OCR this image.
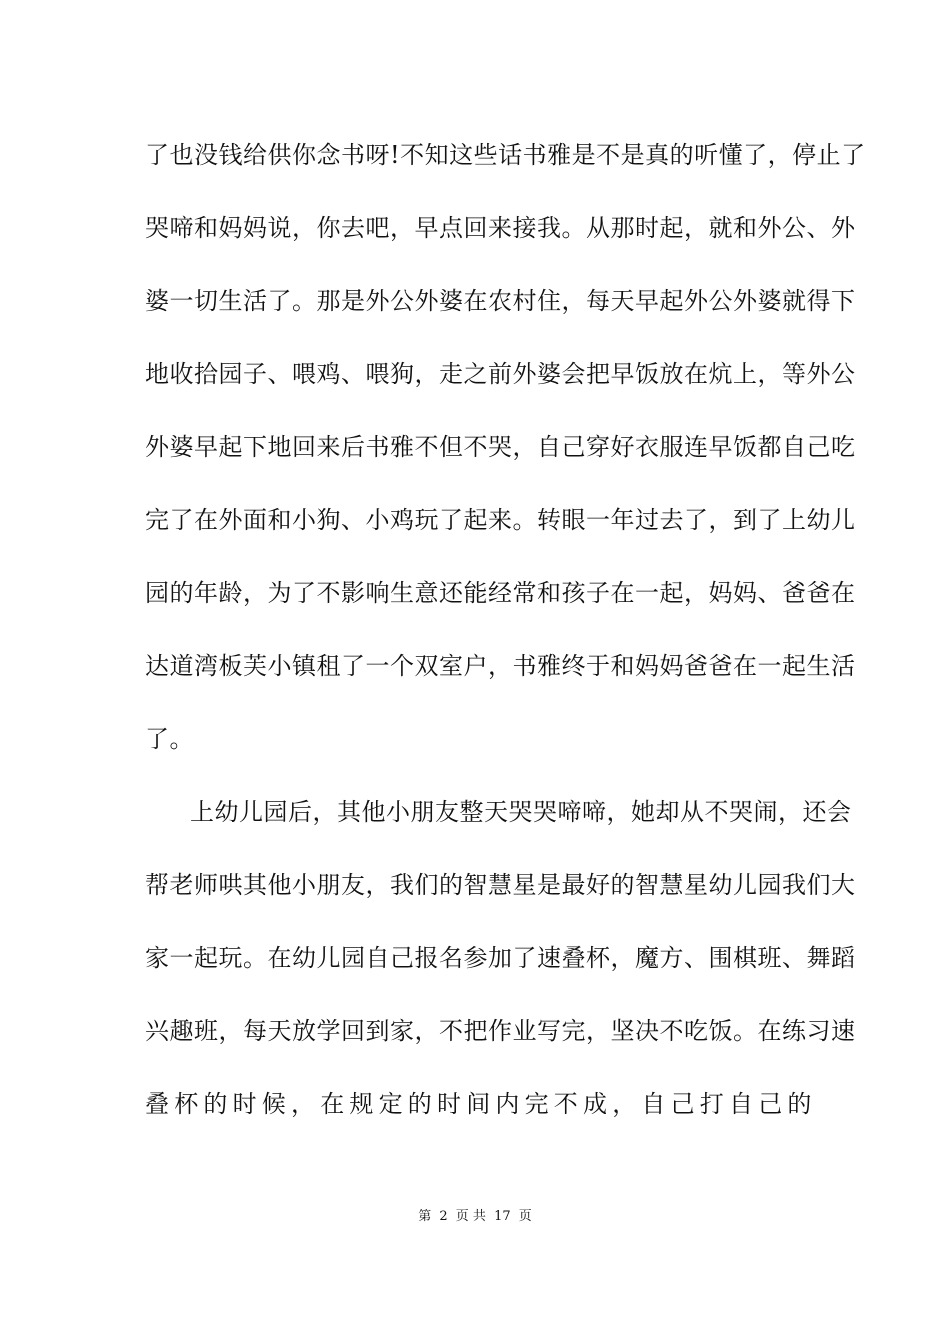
了也没钱给供你念书呀!不知这些话书雅是不是真的听懂了，停止了
哭啼和妈妈说，你去吧，早点回来接我。从那时起，就和外公、外
婆一切生活了。那是外公外婆在农村住，每天早起外公外婆就得下
地收拾园子、喂鸡、喂狗，走之前外婆会把早饭放在炕上，等外公
外婆早起下地回来后书雅不但不哭，自己穿好衣服连早饭都自己吃
完了在外面和小狗、小鸡玩了起来。转眼一年过去了，到了上幼儿
园的年龄，为了不影响生意还能经常和孩子在一起，妈妈、爸爸在
达道湾板芙小镇租了一个双室户，书雅终于和妈妈爸爸在一起生活
了。
上幼儿园后，其他小朋友整天哭哭啼啼，她却从不哭闹，还会
帮老师哄其他小朋友，我们的智慧星是最好的智慧星幼儿园我们大
家一起玩。在幼儿园自己报名参加了速叠杯，魔方、围棋班、舞蹈
兴趣班，每天放学回到家，不把作业写完，坚决不吃饭。在练习速
叠杯的时候，在规定的时间内完不成，自己打自己的
第 2 页 共 17 页
